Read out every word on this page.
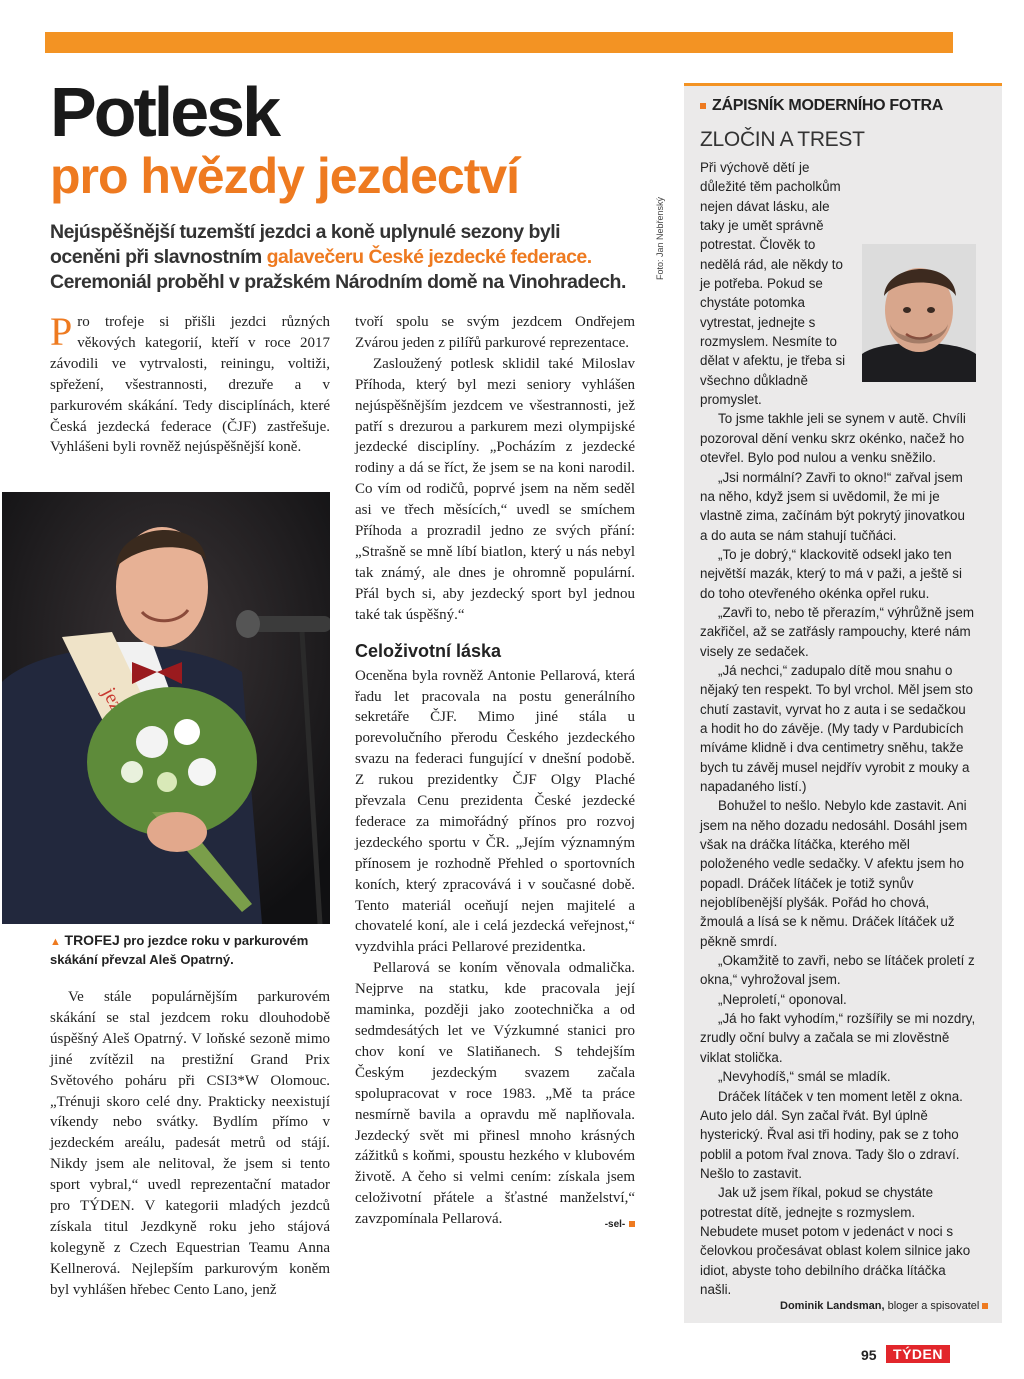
Potlesk
pro hvězdy jezdectví
Nejúspěšnější tuzemští jezdci a koně uplynulé sezony byli oceněni při slavnostním galavečeru České jezdecké federace. Ceremoniál proběhl v pražském Národním domě na Vinohradech.

Pro trofeje si přišli jezdci různých věkových kategorií, kteří v roce 2017 závodili ve vytrvalosti, reiningu, voltiži, spřežení, všestrannosti, drezuře a v parkurovém skákání. Tedy disciplínách, které Česká jezdecká federace (ČJF) zastřešuje. Vyhlášeni byli rovněž nejúspěšnější koně.

▲ TROFEJ pro jezdce roku v parkurovém skákání převzal Aleš Opatrný.

Ve stále populárnějším parkurovém skákání se stal jezdcem roku dlouhodobě úspěšný Aleš Opatrný. V loňské sezoně mimo jiné zvítězil na prestižní Grand Prix Světového poháru při CSI3*W Olomouc. „Trénuji skoro celé dny. Prakticky neexistují víkendy nebo svátky. Bydlím přímo v jezdeckém areálu, padesát metrů od stájí. Nikdy jsem ale nelitoval, že jsem si tento sport vybral,“ uvedl reprezentační matador pro TÝDEN. V kategorii mladých jezdců získala titul Jezdkyně roku jeho stájová kolegyně z Czech Equestrian Teamu Anna Kellnerová. Nejlepším parkurovým koněm byl vyhlášen hřebec Cento Lano, jenž

tvoří spolu se svým jezdcem Ondřejem Zvárou jeden z pilířů parkurové reprezentace.

Zasloužený potlesk sklidil také Miloslav Příhoda, který byl mezi seniory vyhlášen nejúspěšnějším jezdcem ve všestrannosti, jež patří s drezurou a parkurem mezi olympijské jezdecké disciplíny. „Pocházím z jezdecké rodiny a dá se říct, že jsem se na koni narodil. Co vím od rodičů, poprvé jsem na něm seděl asi ve třech měsících,“ uvedl se smíchem Příhoda a prozradil jedno ze svých přání: „Strašně se mně líbí biatlon, který u nás nebyl tak známý, ale dnes je ohromně populární. Přál bych si, aby jezdecký sport byl jednou také tak úspěšný.“

Celoživotní láska

Oceněna byla rovněž Antonie Pellarová, která řadu let pracovala na postu generálního sekretáře ČJF. Mimo jiné stála u porevolučního přerodu Českého jezdeckého svazu na federaci fungující v dnešní podobě. Z rukou prezidentky ČJF Olgy Plaché převzala Cenu prezidenta České jezdecké federace za mimořádný přínos pro rozvoj jezdeckého sportu v ČR. „Jejím významným přínosem je rozhodně Přehled o sportovních koních, který zpracovává i v současné době. Tento materiál oceňují nejen majitelé a chovatelé koní, ale i celá jezdecká veřejnost,“ vyzdvihla práci Pellarové prezidentka.

Pellarová se koním věnovala odmalička. Nejprve na statku, kde pracovala její maminka, později jako zootechnička a od sedmdesátých let ve Výzkumné stanici pro chov koní ve Slatiňanech. S tehdejším Českým jezdeckým svazem začala spolupracovat v roce 1983. „Mě ta práce nesmírně bavila a opravdu mě naplňovala. Jezdecký svět mi přinesl mnoho krásných zážitků s koňmi, spoustu hezkého v klubovém životě. A čeho si velmi cením: získala jsem celoživotní přátele a šťastné manželství,“ zavzpomínala Pellarová.	-sel-

Foto: Jan Nebřenský
ZÁPISNÍK MODERNÍHO FOTRA
ZLOČIN A TREST

Při výchově dětí je důležité těm pacholkům nejen dávat lásku, ale taky je umět správně potrestat. Člověk to nedělá rád, ale někdy to je potřeba. Pokud se chystáte potomka vytrestat, jednejte s rozmyslem. Nesmíte to dělat v afektu, je třeba si všechno důkladně promyslet.

To jsme takhle jeli se synem v autě. Chvíli pozoroval dění venku skrz okénko, načež ho otevřel. Bylo pod nulou a venku sněžilo.

„Jsi normální? Zavři to okno!“ zařval jsem na něho, když jsem si uvědomil, že mi je vlastně zima, začínám být pokrytý jinovatkou a do auta se nám stahují tučňáci.

„To je dobrý,“ klackovitě odsekl jako ten největší mazák, který to má v paži, a ještě si do toho otevřeného okénka opřel ruku.

„Zavři to, nebo tě přerazím,“ výhrůžně jsem zakřičel, až se zatřásly rampouchy, které nám visely ze sedaček.

„Já nechci,“ zadupalo dítě mou snahu o nějaký ten respekt. To byl vrchol. Měl jsem sto chutí zastavit, vyrvat ho z auta i se sedačkou a hodit ho do závěje. (My tady v Pardubicích míváme klidně i dva centimetry sněhu, takže bych tu závěj musel nejdřív vyrobit z mouky a napadaného listí.)

Bohužel to nešlo. Nebylo kde zastavit. Ani jsem na něho dozadu nedosáhl. Dosáhl jsem však na dráčka lítáčka, kterého měl položeného vedle sedačky. V afektu jsem ho popadl. Dráček lítáček je totiž synův nejoblíbenější plyšák. Pořád ho chová, žmoulá a lísá se k němu. Dráček lítáček už pěkně smrdí.

„Okamžitě to zavři, nebo se lítáček proletí z okna,“ vyhrožoval jsem.

„Neproletí,“ oponoval.

„Já ho fakt vyhodím,“ rozšířily se mi nozdry, zrudly oční bulvy a začala se mi zlověstně viklat stolička.

„Nevyhodíš,“ smál se mladík.

Dráček lítáček v ten moment letěl z okna. Auto jelo dál. Syn začal řvát. Byl úplně hysterický. Řval asi tři hodiny, pak se z toho poblil a potom řval znova. Tady šlo o zdraví. Nešlo to zastavit.

Jak už jsem říkal, pokud se chystáte potrestat dítě, jednejte s rozmyslem. Nebudete muset potom v jedenáct v noci s čelovkou pročesávat oblast kolem silnice jako idiot, abyste toho debilního dráčka lítáčka našli.

Dominik Landsman, bloger a spisovatel
95	TÝDEN
